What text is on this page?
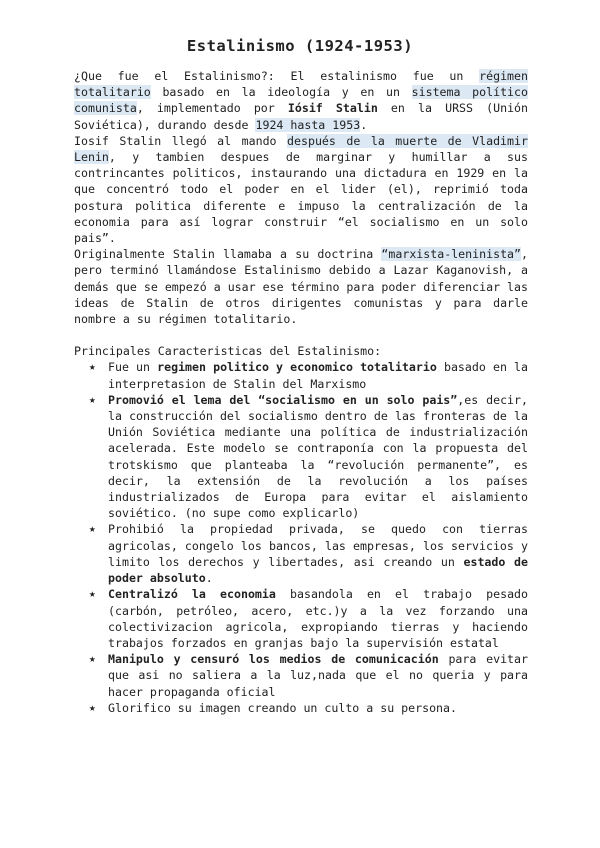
Estalinismo (1924-1953)

¿Que fue el Estalinismo?: El estalinismo fue un régimen totalitario basado en la ideología y en un sistema político comunista, implementado por Iósif Stalin en la URSS (Unión Soviética), durando desde 1924 hasta 1953.

Iosif Stalin llegó al mando después de la muerte de Vladimir Lenin, y tambien despues de marginar y humillar a sus contrincantes politicos, instaurando una dictadura en 1929 en la que concentró todo el poder en el lider (el), reprimió toda postura politica diferente e impuso la centralización de la economia para así lograr construir “el socialismo en un solo pais”.

Originalmente Stalin llamaba a su doctrina “marxista-leninista”, pero terminó llamándose Estalinismo debido a Lazar Kaganovish, a demás que se empezó a usar ese término para poder diferenciar las ideas de Stalin de otros dirigentes comunistas y para darle nombre a su régimen totalitario.

Principales Caracteristicas del Estalinismo:

★ Fue un regimen politico y economico totalitario basado en la interpretasion de Stalin del Marxismo
★ Promovió el lema del “socialismo en un solo pais”,es decir, la construcción del socialismo dentro de las fronteras de la Unión Soviética mediante una política de industrialización acelerada. Este modelo se contraponía con la propuesta del trotskismo que planteaba la “revolución permanente”, es decir, la extensión de la revolución a los países industrializados de Europa para evitar el aislamiento soviético. (no supe como explicarlo)
★ Prohibió la propiedad privada, se quedo con tierras agricolas, congelo los bancos, las empresas, los servicios y limito los derechos y libertades, asi creando un estado de poder absoluto.
★ Centralizó la economia basandola en el trabajo pesado (carbón, petróleo, acero, etc.)y a la vez forzando una colectivizacion agricola, expropiando tierras y haciendo trabajos forzados en granjas bajo la supervisión estatal
★ Manipulo y censuró los medios de comunicación para evitar que asi no saliera a la luz,nada que el no queria y para hacer propaganda oficial
★ Glorifico su imagen creando un culto a su persona.
